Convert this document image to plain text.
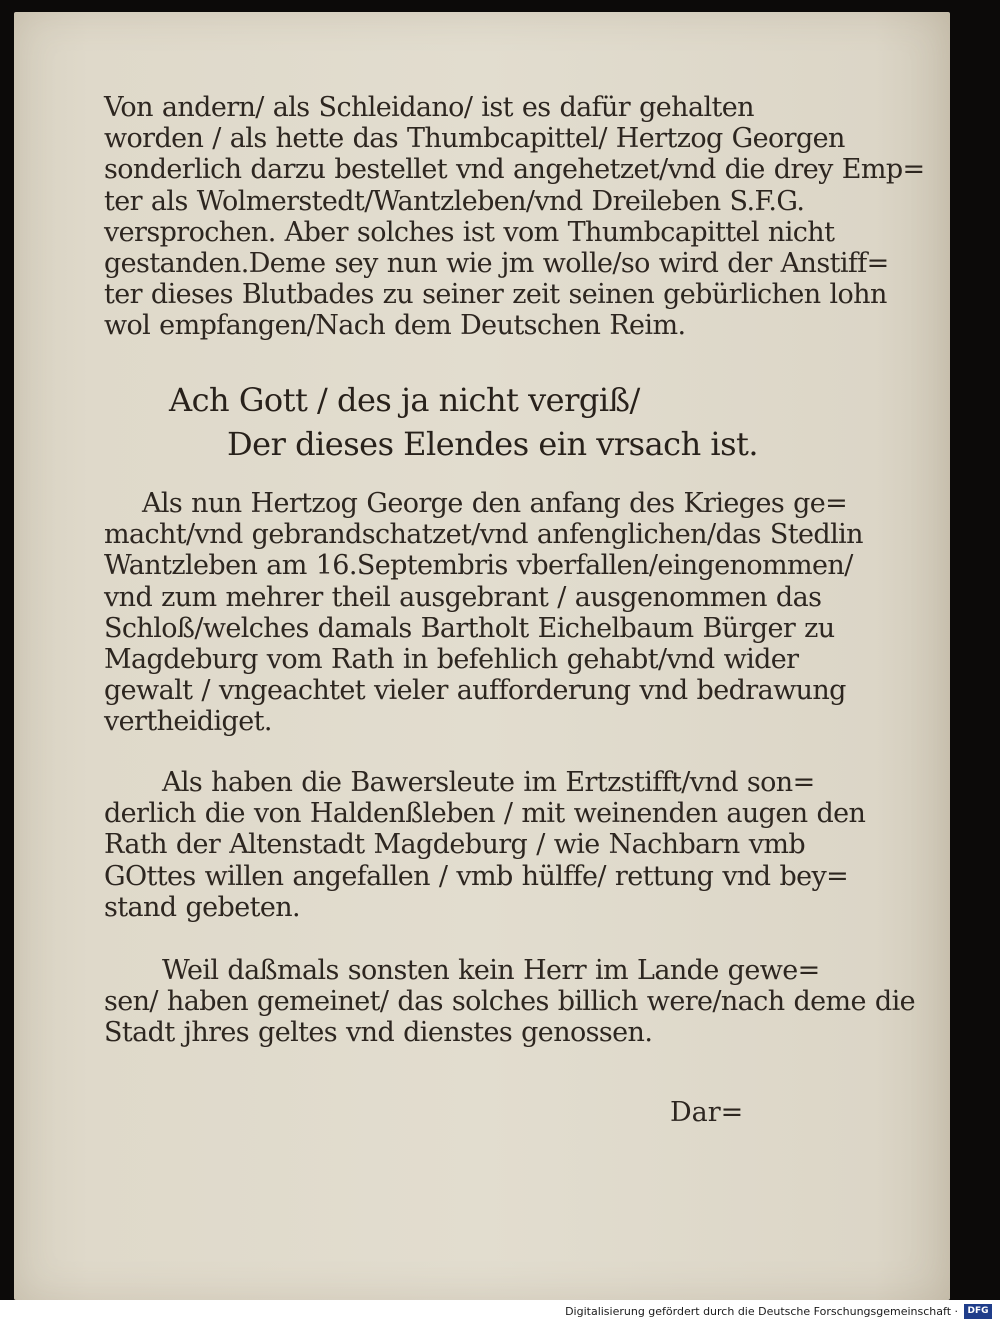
Von andern/ als Schleidano/ ist es dafür gehalten
worden / als hette das Thumbcapittel/ Hertzog Georgen
sonderlich darzu bestellet vnd angehetzet/vnd die drey Emp=
ter als Wolmerstedt/Wantzleben/vnd Dreileben S.F.G.
versprochen. Aber solches ist vom Thumbcapittel nicht
gestanden.Deme sey nun wie jm wolle/so wird der Anstiff=
ter dieses Blutbades zu seiner zeit seinen gebürlichen lohn
wol empfangen/Nach dem Deutschen Reim.

Ach Gott / des ja nicht vergiß/
Der dieses Elendes ein vrsach ist.

Als nun Hertzog George den anfang des Krieges ge=
macht/vnd gebrandschatzet/vnd anfenglichen/das Stedlin
Wantzleben am 16.Septembris vberfallen/eingenommen/
vnd zum mehrer theil ausgebrant / ausgenommen das
Schloß/welches damals Bartholt Eichelbaum Bürger zu
Magdeburg vom Rath in befehlich gehabt/vnd wider
gewalt / vngeachtet vieler aufforderung vnd bedrawung
vertheidiget.

Als haben die Bawersleute im Ertzstifft/vnd son=
derlich die von Haldenßleben / mit weinenden augen den
Rath der Altenstadt Magdeburg / wie Nachbarn vmb
GOttes willen angefallen / vmb hülffe/ rettung vnd bey=
stand gebeten.

Weil daßmals sonsten kein Herr im Lande gewe=
sen/ haben gemeinet/ das solches billich were/nach deme die
Stadt jhres geltes vnd dienstes genossen.

Dar=
Digitalisierung gefördert durch die Deutsche Forschungsgemeinschaft ·	DFG
